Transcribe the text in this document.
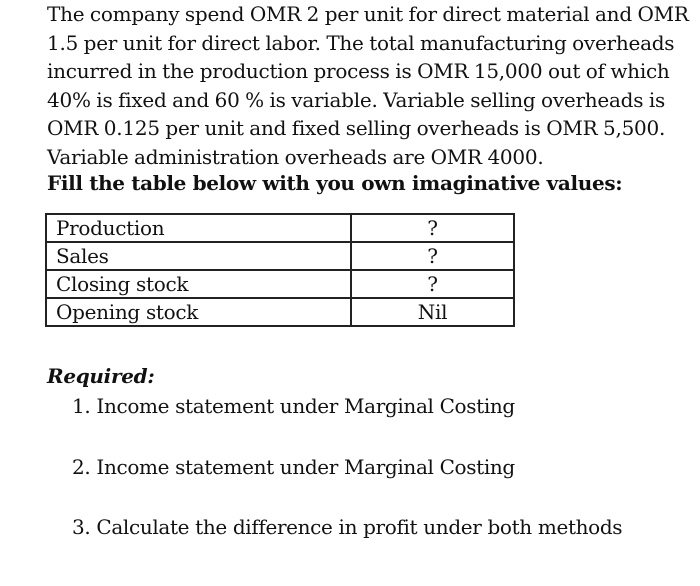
The company spend OMR 2 per unit for direct material and OMR
1.5 per unit for direct labor. The total manufacturing overheads
incurred in the production process is OMR 15,000 out of which
40% is fixed and 60 % is variable. Variable selling overheads is
OMR 0.125 per unit and fixed selling overheads is OMR 5,500.
Variable administration overheads are OMR 4000.
Fill the table below with you own imaginative values:
Production	?
Sales	?
Closing stock	?
Opening stock	Nil
Required:
1. Income statement under Marginal Costing
2. Income statement under Marginal Costing
3. Calculate the difference in profit under both methods
